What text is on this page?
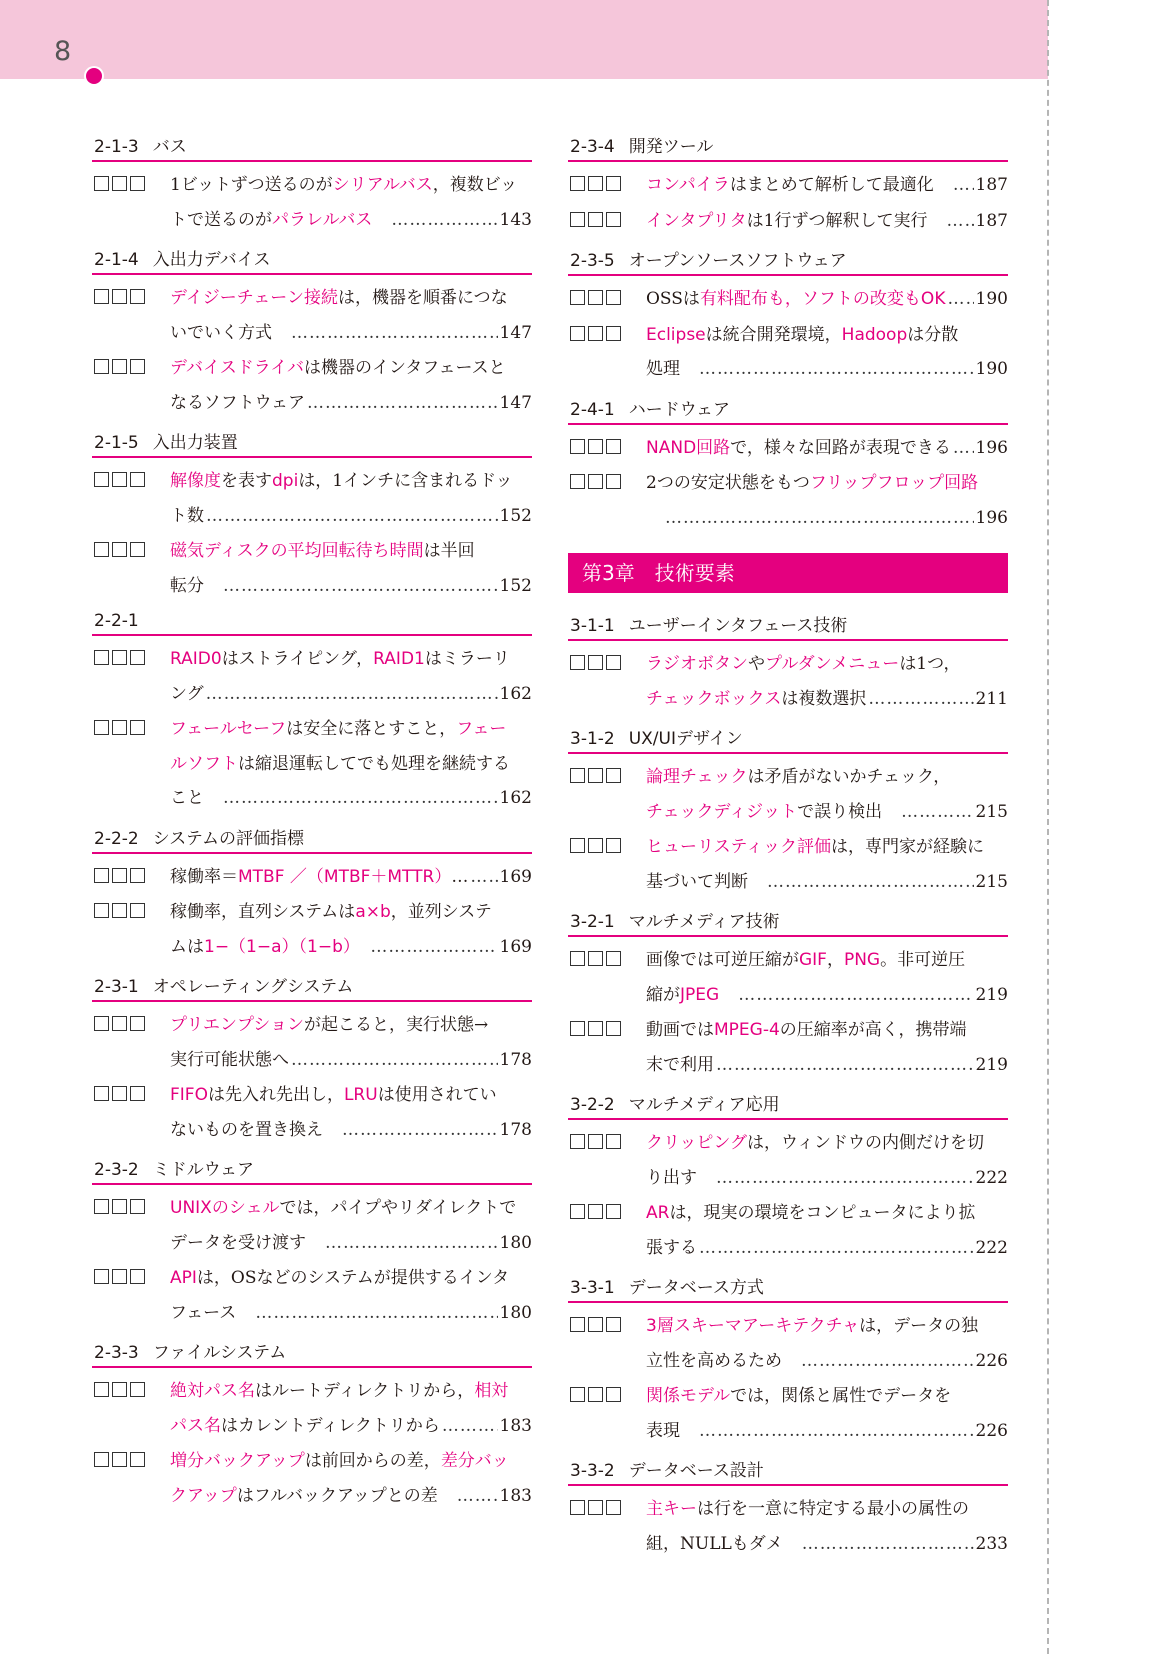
8
2-1-3 バス
1ビットずつ送るのがシリアルバス，複数ビッ
トで送るのがパラレルバス　 ……………………………………………………………………………………	143
2-1-4 入出力デバイス
デイジーチェーン接続は，機器を順番につな
いでいく方式　 ……………………………………………………………………………………	147
デバイスドライバは機器のインタフェースと
なるソフトウェア ……………………………………………………………………………………	147
2-1-5 入出力装置
解像度を表すdpiは，1インチに含まれるドッ
ト数 ……………………………………………………………………………………	152
磁気ディスクの平均回転待ち時間は半回
転分　 ……………………………………………………………………………………	152
2-2-1
RAID0はストライピング，RAID1はミラーリ
ング ……………………………………………………………………………………	162
フェールセーフは安全に落とすこと，フェー
ルソフトは縮退運転してでも処理を継続する
こと　 ……………………………………………………………………………………	162
2-2-2 システムの評価指標
稼働率＝MTBF ／（MTBF＋MTTR）… …………………………………………………………………………………… 169
稼働率，直列システムはa×b，並列システ
ムは1−（1−a）（1−b）　 ……………………………………………………………………………………	169
2-3-1 オペレーティングシステム
プリエンプションが起こると，実行状態→
実行可能状態へ ……………………………………………………………………………………	178
FIFOは先入れ先出し，LRUは使用されてい
ないものを置き換え　 ……………………………………………………………………………………	178
2-3-2 ミドルウェア
UNIXのシェルでは，パイプやリダイレクトで
データを受け渡す　 ……………………………………………………………………………………	180
APIは，OSなどのシステムが提供するインタ
フェース　 ……………………………………………………………………………………	180
2-3-3 ファイルシステム
絶対パス名はルートディレクトリから，相対
パス名はカレントディレクトリから ……………………………………………………………………………………	183
増分バックアップは前回からの差，差分バッ
クアップはフルバックアップとの差　 ……………………………………………………………………………………	183
2-3-4 開発ツール
コンパイラはまとめて解析して最適化　 …………………………………………………………………………………… 187
インタプリタは1行ずつ解釈して実行　 …………………………………………………………………………………… 187
2-3-5 オープンソースソフトウェア
OSSは有料配布も，ソフトの改変もOK …………………………………………………………………………………… 190
Eclipseは統合開発環境，Hadoopは分散
処理　 ……………………………………………………………………………………	190
2-4-1 ハードウェア
NAND回路で，様々な回路が表現できる …………………………………………………………………………………… 196
2つの安定状態をもつフリップフロップ回路

……………………………………………………………………………………
196
第3章 技術要素
3-1-1 ユーザーインタフェース技術
ラジオボタンやプルダンメニューは1つ，
チェックボックスは複数選択 ……………………………………………………………………………………	211
3-1-2 UX/UIデザイン
論理チェックは矛盾がないかチェック，
チェックディジットで誤り検出　 ……………………………………………………………………………………	215
ヒューリスティック評価は，専門家が経験に
基づいて判断　 ……………………………………………………………………………………	215
3-2-1 マルチメディア技術
画像では可逆圧縮がGIF，PNG。非可逆圧
縮がJPEG　 ……………………………………………………………………………………	219
動画ではMPEG-4の圧縮率が高く，携帯端
末で利用 ……………………………………………………………………………………	219
3-2-2 マルチメディア応用
クリッピングは，ウィンドウの内側だけを切
り出す　 ……………………………………………………………………………………	222
ARは，現実の環境をコンピュータにより拡
張する ……………………………………………………………………………………	222
3-3-1 データベース方式
3層スキーマアーキテクチャは，データの独
立性を高めるため　 ……………………………………………………………………………………	226
関係モデルでは，関係と属性でデータを
表現　 ……………………………………………………………………………………	226
3-3-2 データベース設計
主キーは行を一意に特定する最小の属性の
組，NULLもダメ　 ……………………………………………………………………………………	233
